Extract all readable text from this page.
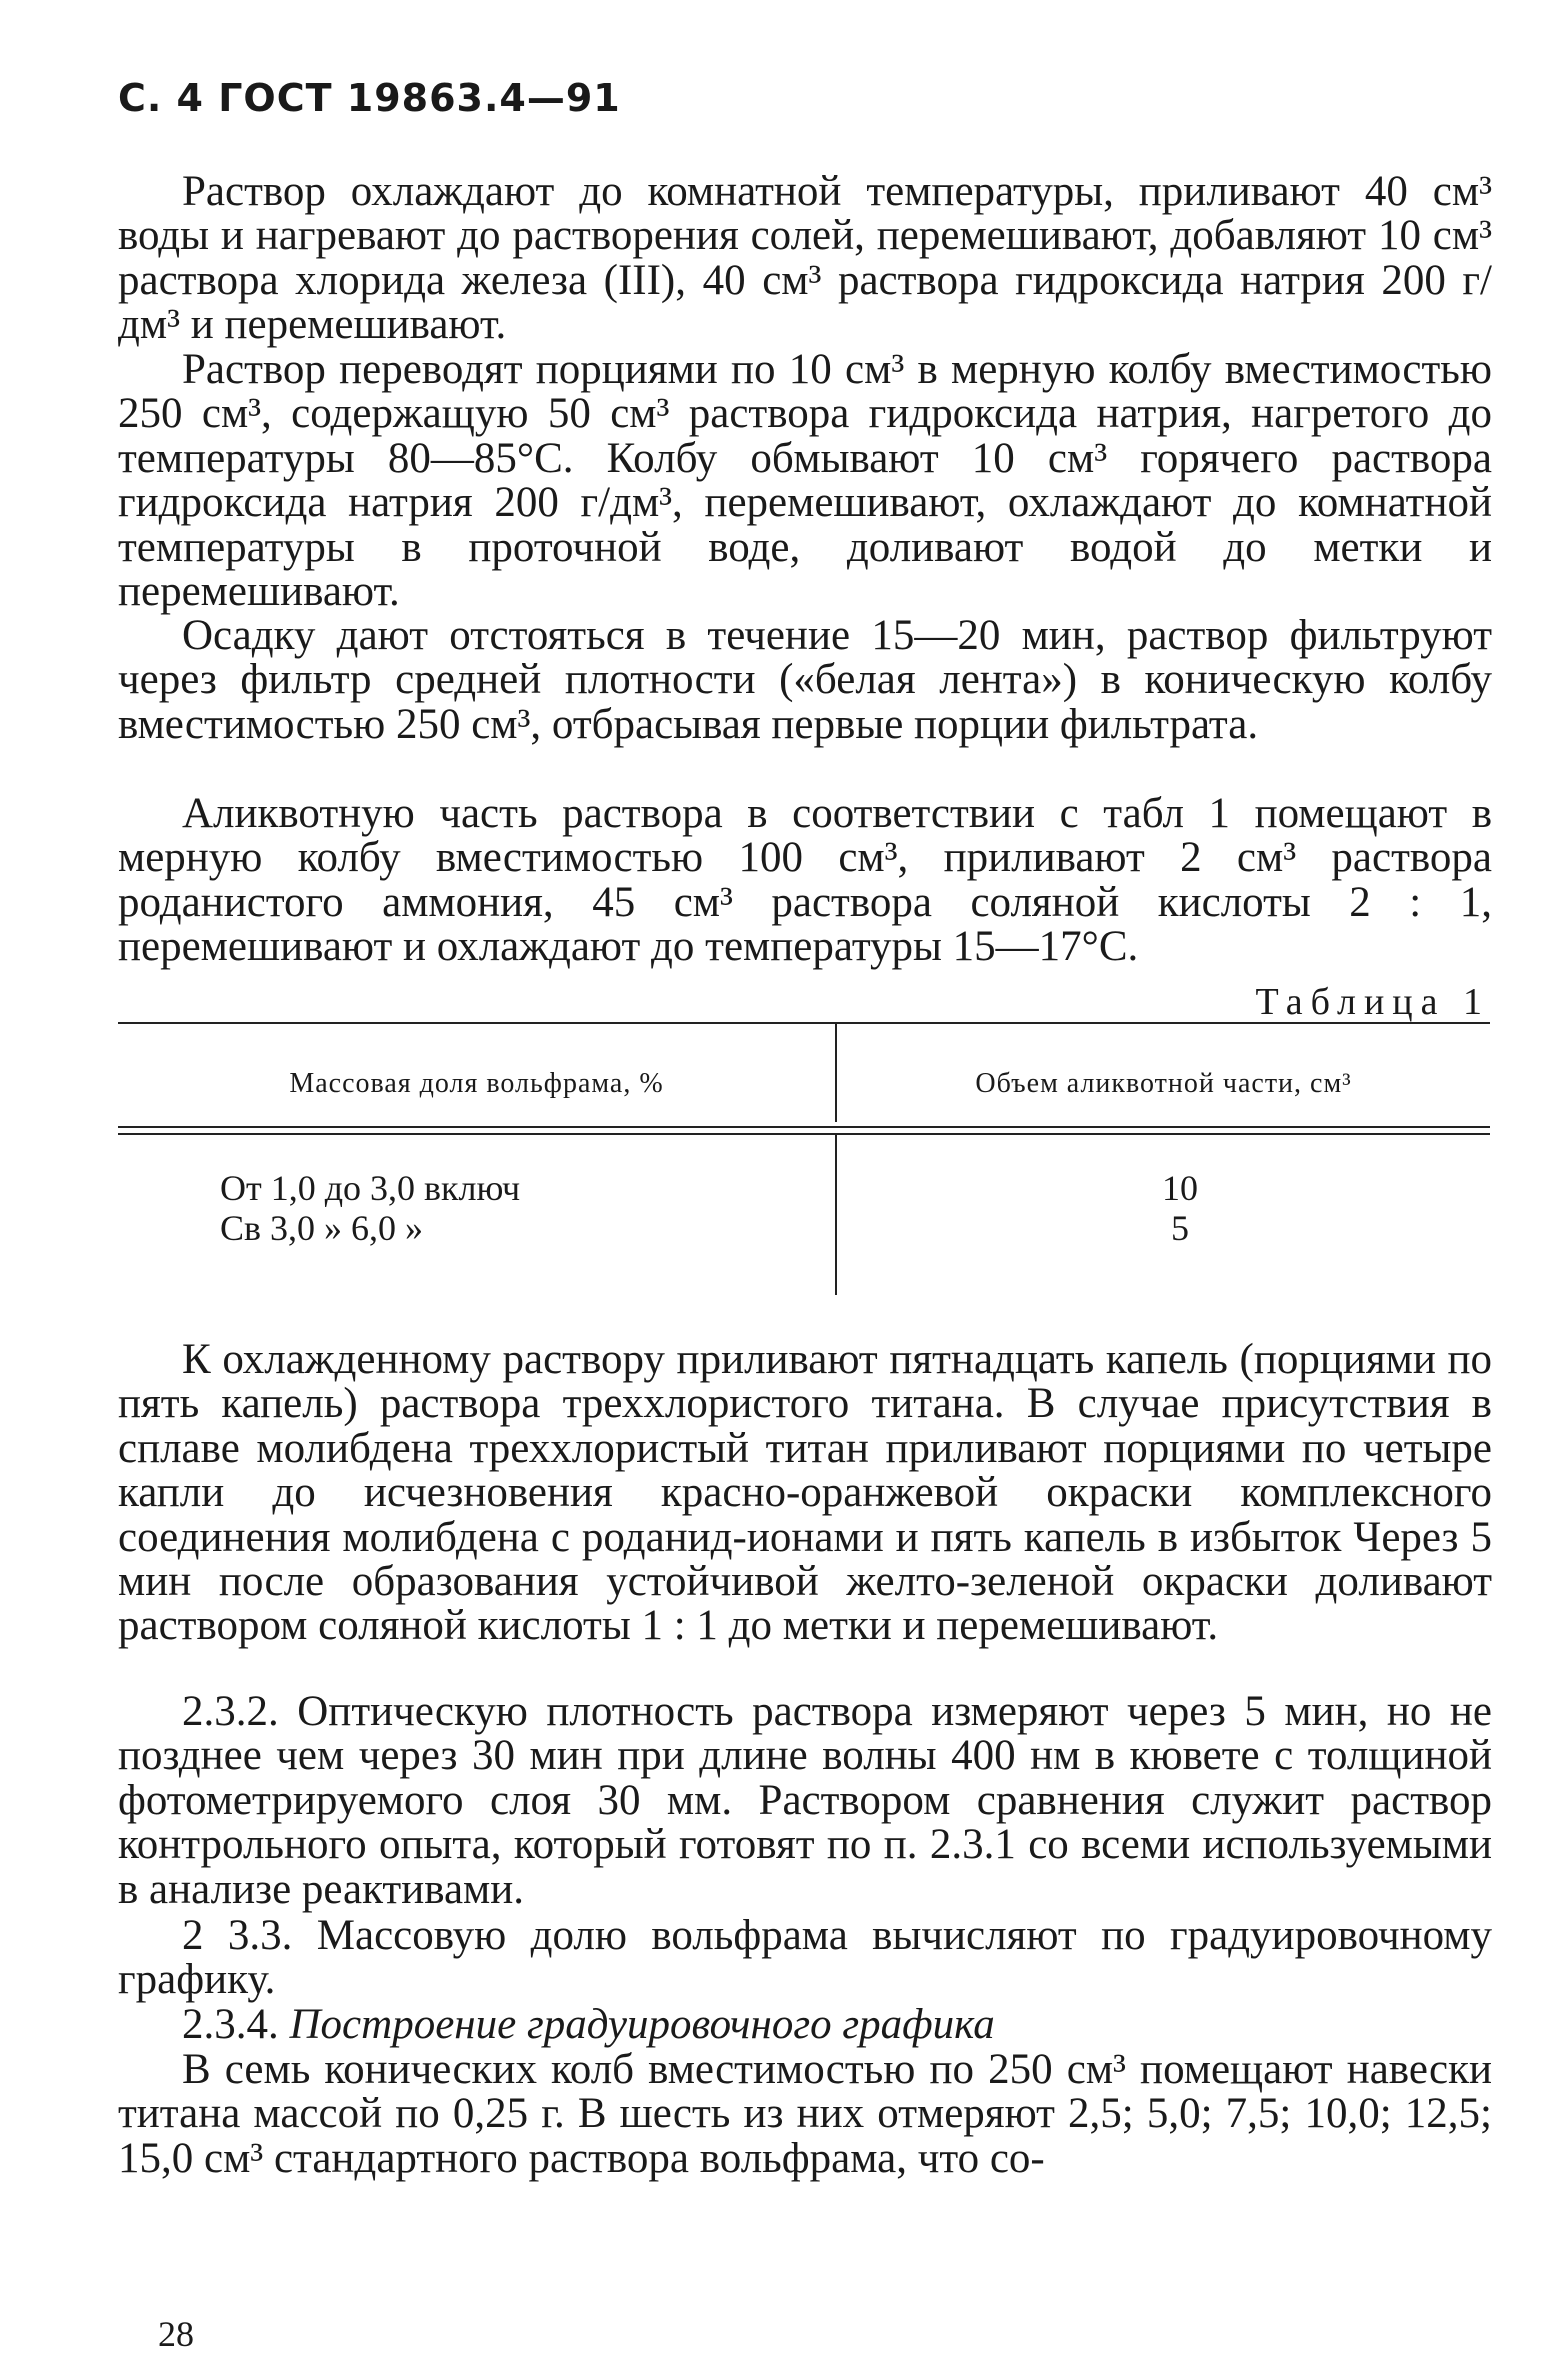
С. 4 ГОСТ 19863.4—91
Раствор охлаждают до комнатной температуры, приливают 40 см³ воды и нагревают до растворения солей, перемешивают, добавляют 10 см³ раствора хлорида железа (III), 40 см³ раствора гидроксида натрия 200 г/дм³ и перемешивают.
Раствор переводят порциями по 10 см³ в мерную колбу вместимостью 250 см³, содержащую 50 см³ раствора гидроксида натрия, нагретого до температуры 80—85°С. Колбу обмывают 10 см³ горячего раствора гидроксида натрия 200 г/дм³, перемешивают, охлаждают до комнатной температуры в проточной воде, доливают водой до метки и перемешивают.
Осадку дают отстояться в течение 15—20 мин, раствор фильтруют через фильтр средней плотности («белая лента») в коническую колбу вместимостью 250 см³, отбрасывая первые порции фильтрата.
Аликвотную часть раствора в соответствии с табл 1 помещают в мерную колбу вместимостью 100 см³, приливают 2 см³ раствора роданистого аммония, 45 см³ раствора соляной кислоты 2 : 1, перемешивают и охлаждают до температуры 15—17°С.
Таблица 1
Массовая доля вольфрама, %	Объем аликвотной части, см³
От 1,0 до 3,0 включ	10
Св 3,0 » 6,0 »	5
К охлажденному раствору приливают пятнадцать капель (порциями по пять капель) раствора треххлористого титана. В случае присутствия в сплаве молибдена треххлористый титан приливают порциями по четыре капли до исчезновения красно-оранжевой окраски комплексного соединения молибдена с роданид-ионами и пять капель в избыток Через 5 мин после образования устойчивой желто-зеленой окраски доливают раствором соляной кислоты 1 : 1 до метки и перемешивают.
2.3.2. Оптическую плотность раствора измеряют через 5 мин, но не позднее чем через 30 мин при длине волны 400 нм в кювете с толщиной фотометрируемого слоя 30 мм. Раствором сравнения служит раствор контрольного опыта, который готовят по п. 2.3.1 со всеми используемыми в анализе реактивами.
2 3.3. Массовую долю вольфрама вычисляют по градуировочному графику.
2.3.4. Построение градуировочного графика
В семь конических колб вместимостью по 250 см³ помещают навески титана массой по 0,25 г. В шесть из них отмеряют 2,5; 5,0; 7,5; 10,0; 12,5; 15,0 см³ стандартного раствора вольфрама, что со-
28
